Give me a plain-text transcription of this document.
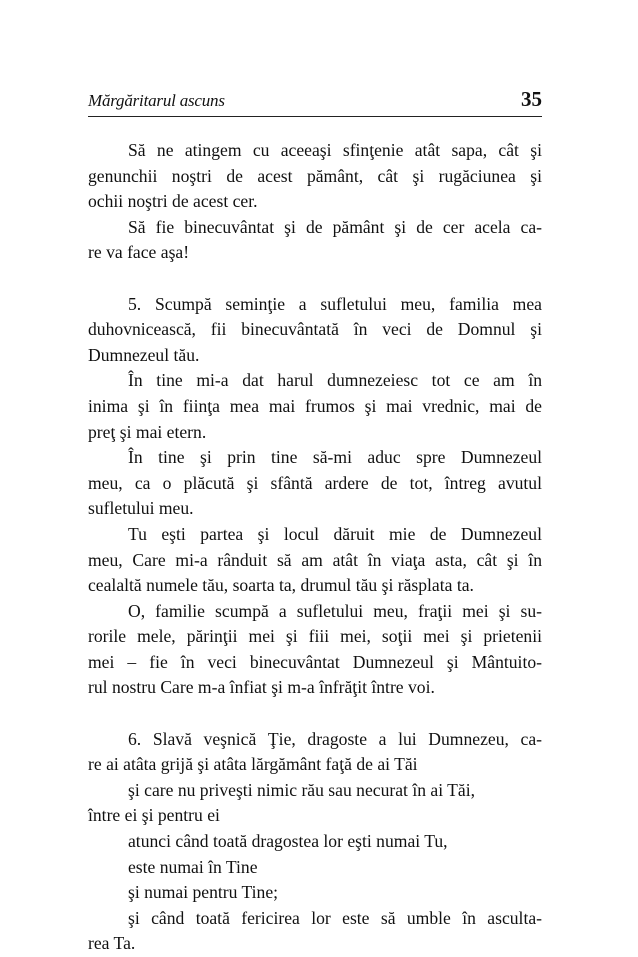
Mărgăritarul ascuns	35
Să ne atingem cu aceeaşi sfinţenie atât sapa, cât şi
genunchii noştri de acest pământ, cât şi rugăciunea şi
ochii noştri de acest cer.
Să fie binecuvântat şi de pământ şi de cer acela ca-
re va face aşa!
5. Scumpă seminţie a sufletului meu, familia mea
duhovnicească, fii binecuvântată în veci de Domnul şi
Dumnezeul tău.
În tine mi-a dat harul dumnezeiesc tot ce am în
inima şi în fiinţa mea mai frumos şi mai vrednic, mai de
preţ şi mai etern.
În tine şi prin tine să-mi aduc spre Dumnezeul
meu, ca o plăcută şi sfântă ardere de tot, întreg avutul
sufletului meu.
Tu eşti partea şi locul dăruit mie de Dumnezeul
meu, Care mi-a rânduit să am atât în viaţa asta, cât şi în
cealaltă numele tău, soarta ta, drumul tău şi răsplata ta.
O, familie scumpă a sufletului meu, fraţii mei şi su-
rorile mele, părinţii mei şi fiii mei, soţii mei şi prietenii
mei – fie în veci binecuvântat Dumnezeul şi Mântuito-
rul nostru Care m-a înfiat şi m-a înfrăţit între voi.
6. Slavă veşnică Ţie, dragoste a lui Dumnezeu, ca-
re ai atâta grijă şi atâta lărgământ faţă de ai Tăi
şi care nu priveşti nimic rău sau necurat în ai Tăi,
între ei şi pentru ei
atunci când toată dragostea lor eşti numai Tu,
este numai în Tine
şi numai pentru Tine;
şi când toată fericirea lor este să umble în asculta-
rea Ta.
